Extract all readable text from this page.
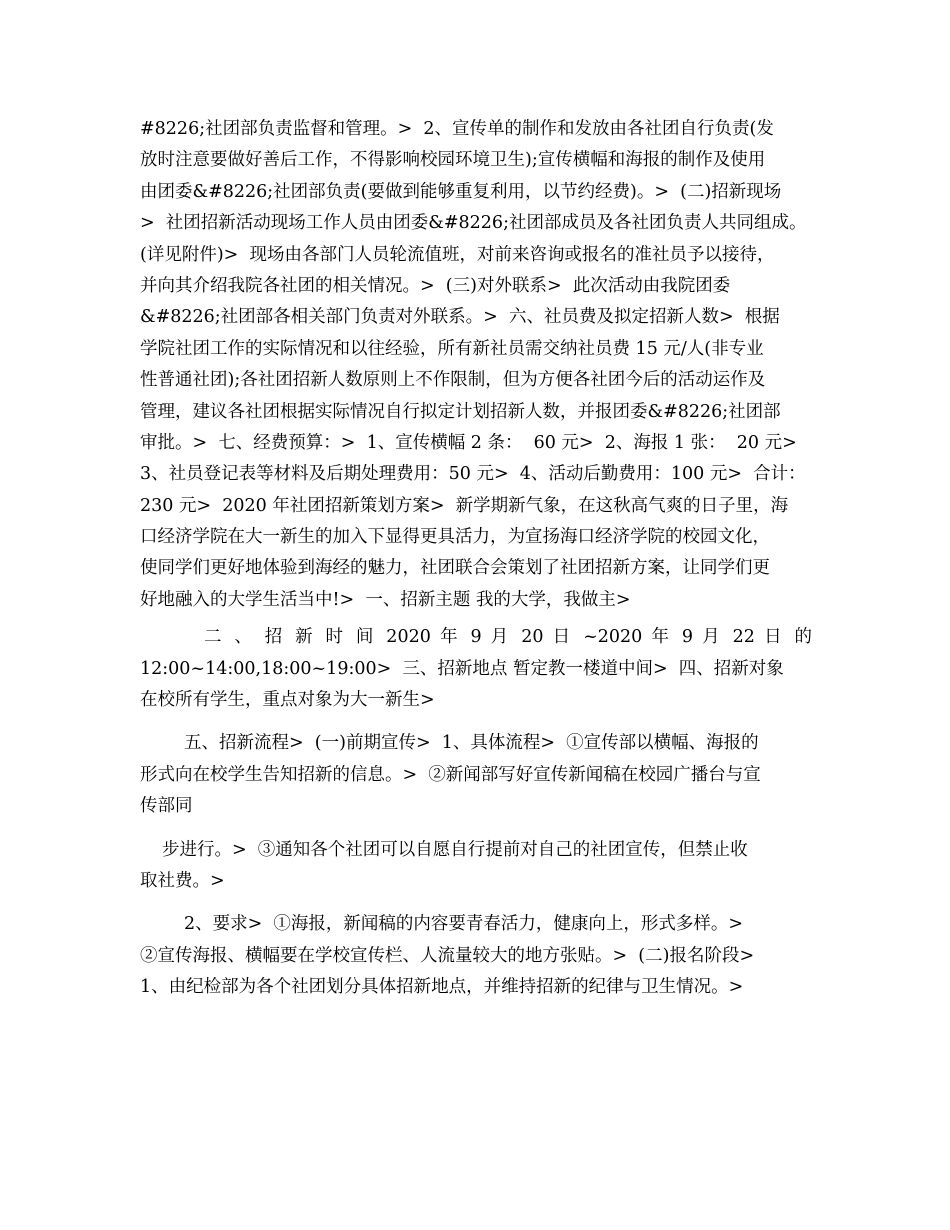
#8226;社团部负责监督和管理。>  2、宣传单的制作和发放由各社团自行负责(发
放时注意要做好善后工作，不得影响校园环境卫生);宣传横幅和海报的制作及使用
由团委&#8226;社团部负责(要做到能够重复利用，以节约经费)。>  (二)招新现场
>  社团招新活动现场工作人员由团委&#8226;社团部成员及各社团负责人共同组成。
(详见附件)>  现场由各部门人员轮流值班，对前来咨询或报名的准社员予以接待，
并向其介绍我院各社团的相关情况。>  (三)对外联系>  此次活动由我院团委
&#8226;社团部各相关部门负责对外联系。>  六、社员费及拟定招新人数>  根据
学院社团工作的实际情况和以往经验，所有新社员需交纳社员费 15 元/人(非专业
性普通社团);各社团招新人数原则上不作限制，但为方便各社团今后的活动运作及
管理，建议各社团根据实际情况自行拟定计划招新人数，并报团委&#8226;社团部
审批。>  七、经费预算：>  1、宣传横幅 2 条：  60 元>  2、海报 1 张：  20 元>
3、社员登记表等材料及后期处理费用：50 元>  4、活动后勤费用：100 元>  合计：
230 元>  2020 年社团招新策划方案>  新学期新气象，在这秋高气爽的日子里，海
口经济学院在大一新生的加入下显得更具活力，为宣扬海口经济学院的校园文化，
使同学们更好地体验到海经的魅力，社团联合会策划了社团招新方案，让同学们更
好地融入的大学生活当中!>  一、招新主题 我的大学，我做主>
二 、 招 新 时 间 2020 年 9 月 20 日 ~2020 年 9 月 22 日 的
12:00~14:00,18:00~19:00>  三、招新地点 暂定教一楼道中间>  四、招新对象
在校所有学生，重点对象为大一新生>
五、招新流程>  (一)前期宣传>  1、具体流程>  ①宣传部以横幅、海报的
形式向在校学生告知招新的信息。>  ②新闻部写好宣传新闻稿在校园广播台与宣
传部同
步进行。>  ③通知各个社团可以自愿自行提前对自己的社团宣传，但禁止收
取社费。>
2、要求>  ①海报，新闻稿的内容要青春活力，健康向上，形式多样。>
②宣传海报、横幅要在学校宣传栏、人流量较大的地方张贴。>  (二)报名阶段>
1、由纪检部为各个社团划分具体招新地点，并维持招新的纪律与卫生情况。>
